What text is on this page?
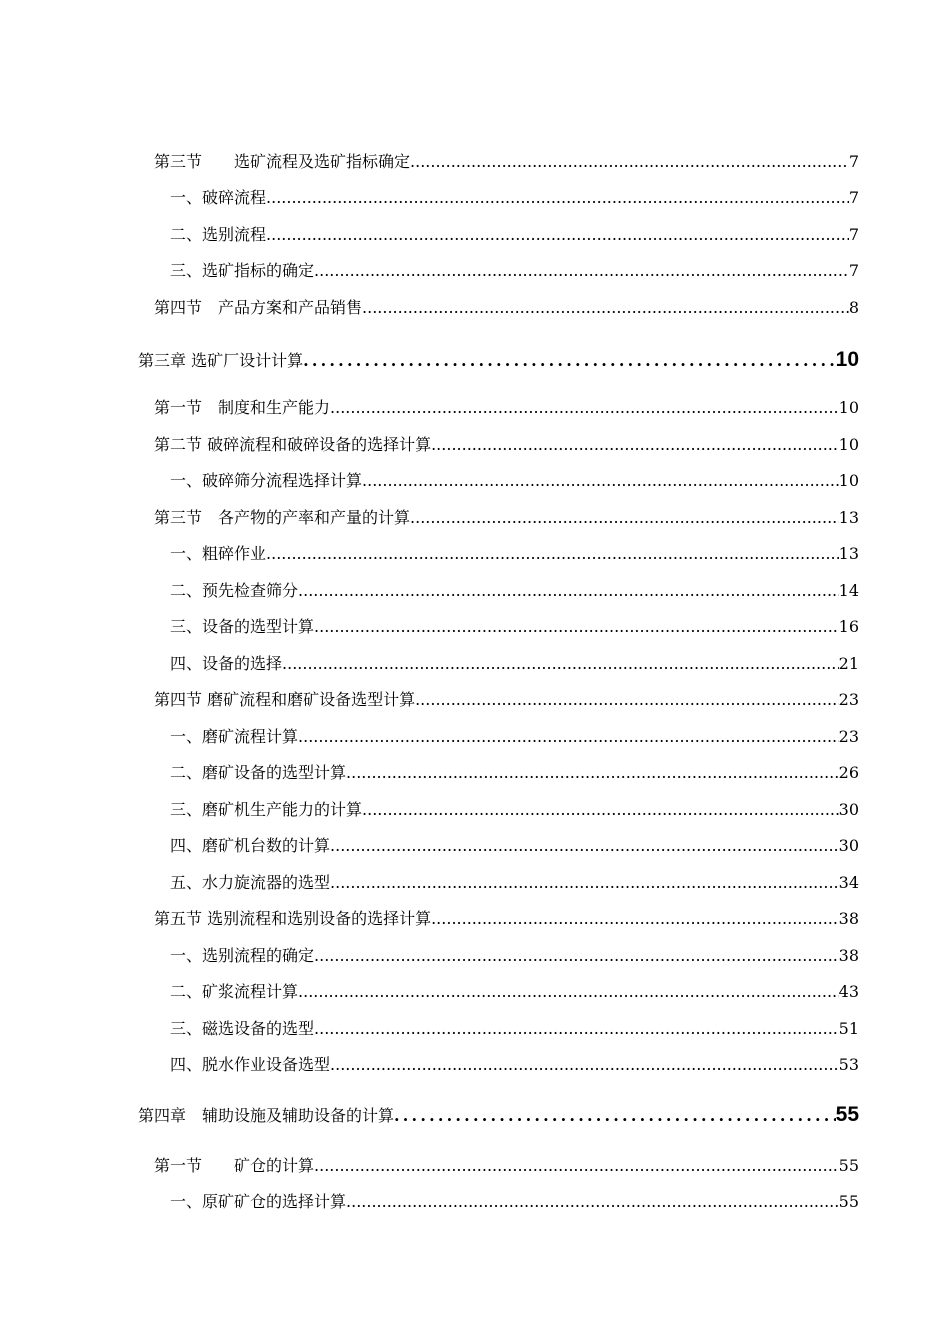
第三节　　选矿流程及选矿指标确定 .....	7
一、破碎流程 .....	7
二、选别流程 .....	7
三、选矿指标的确定 .....	7
第四节　产品方案和产品销售 .....	8
第三章 选矿厂设计计算 .....	10
第一节　制度和生产能力 .....	10
第二节 破碎流程和破碎设备的选择计算 .....	10
一、破碎筛分流程选择计算 .....	10
第三节　各产物的产率和产量的计算 .....	13
一、粗碎作业 .....	13
二、预先检查筛分 .....	14
三、设备的选型计算 .....	16
四、设备的选择 .....	21
第四节 磨矿流程和磨矿设备选型计算 .....	23
一、磨矿流程计算 .....	23
二、磨矿设备的选型计算 .....	26
三、磨矿机生产能力的计算 .....	30
四、磨矿机台数的计算 .....	30
五、水力旋流器的选型 .....	34
第五节 选别流程和选别设备的选择计算 .....	38
一、选别流程的确定 .....	38
二、矿浆流程计算 .....	43
三、磁选设备的选型 .....	51
四、脱水作业设备选型 .....	53
第四章　辅助设施及辅助设备的计算 .....	55
第一节　　矿仓的计算 .....	55
一、原矿矿仓的选择计算 .....	55
